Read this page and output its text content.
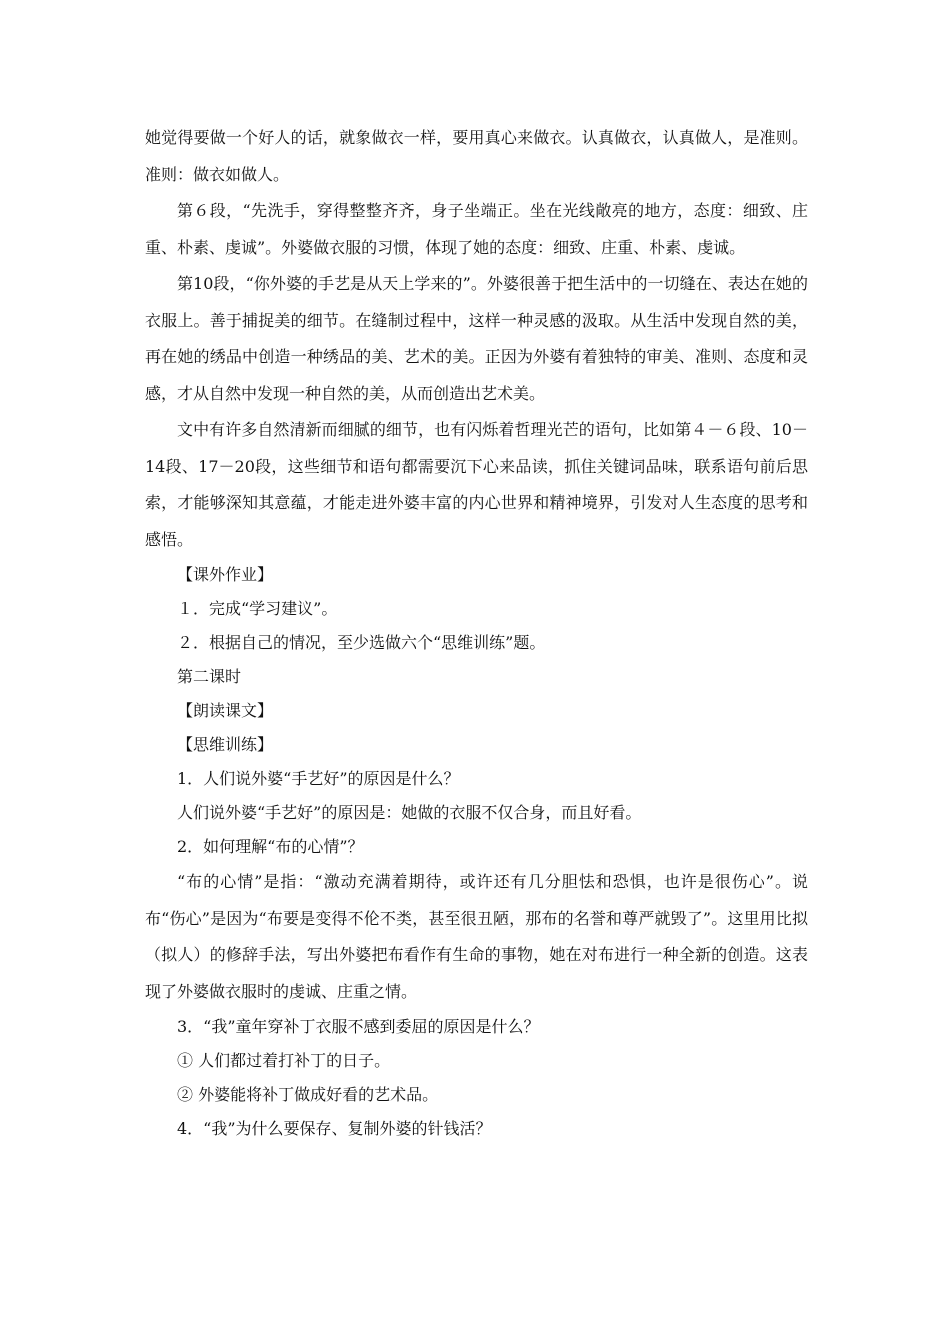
她觉得要做一个好人的话，就象做衣一样，要用真心来做衣。认真做衣，认真做人，是准则。准则：做衣如做人。

第６段，“先洗手，穿得整整齐齐，身子坐端正。坐在光线敞亮的地方，态度：细致、庄重、朴素、虔诚”。外婆做衣服的习惯，体现了她的态度：细致、庄重、朴素、虔诚。

第10段，“你外婆的手艺是从天上学来的”。外婆很善于把生活中的一切缝在、表达在她的衣服上。善于捕捉美的细节。在缝制过程中，这样一种灵感的汲取。从生活中发现自然的美，再在她的绣品中创造一种绣品的美、艺术的美。正因为外婆有着独特的审美、准则、态度和灵感，才从自然中发现一种自然的美，从而创造出艺术美。

文中有许多自然清新而细腻的细节，也有闪烁着哲理光芒的语句，比如第４－６段、10－14段、17－20段，这些细节和语句都需要沉下心来品读，抓住关键词品味，联系语句前后思索，才能够深知其意蕴，才能走进外婆丰富的内心世界和精神境界，引发对人生态度的思考和感悟。

【课外作业】

１．完成“学习建议”。

２．根据自己的情况，至少选做六个“思维训练”题。

第二课时

【朗读课文】

【思维训练】

1．人们说外婆“手艺好”的原因是什么？

人们说外婆“手艺好”的原因是：她做的衣服不仅合身，而且好看。

2．如何理解“布的心情”？

“布的心情”是指：“激动充满着期待，或许还有几分胆怯和恐惧，也许是很伤心”。说布“伤心”是因为“布要是变得不伦不类，甚至很丑陋，那布的名誉和尊严就毁了”。这里用比拟（拟人）的修辞手法，写出外婆把布看作有生命的事物，她在对布进行一种全新的创造。这表现了外婆做衣服时的虔诚、庄重之情。

3．“我”童年穿补丁衣服不感到委屈的原因是什么？

① 人们都过着打补丁的日子。

② 外婆能将补丁做成好看的艺术品。

4．“我”为什么要保存、复制外婆的针钱活？
